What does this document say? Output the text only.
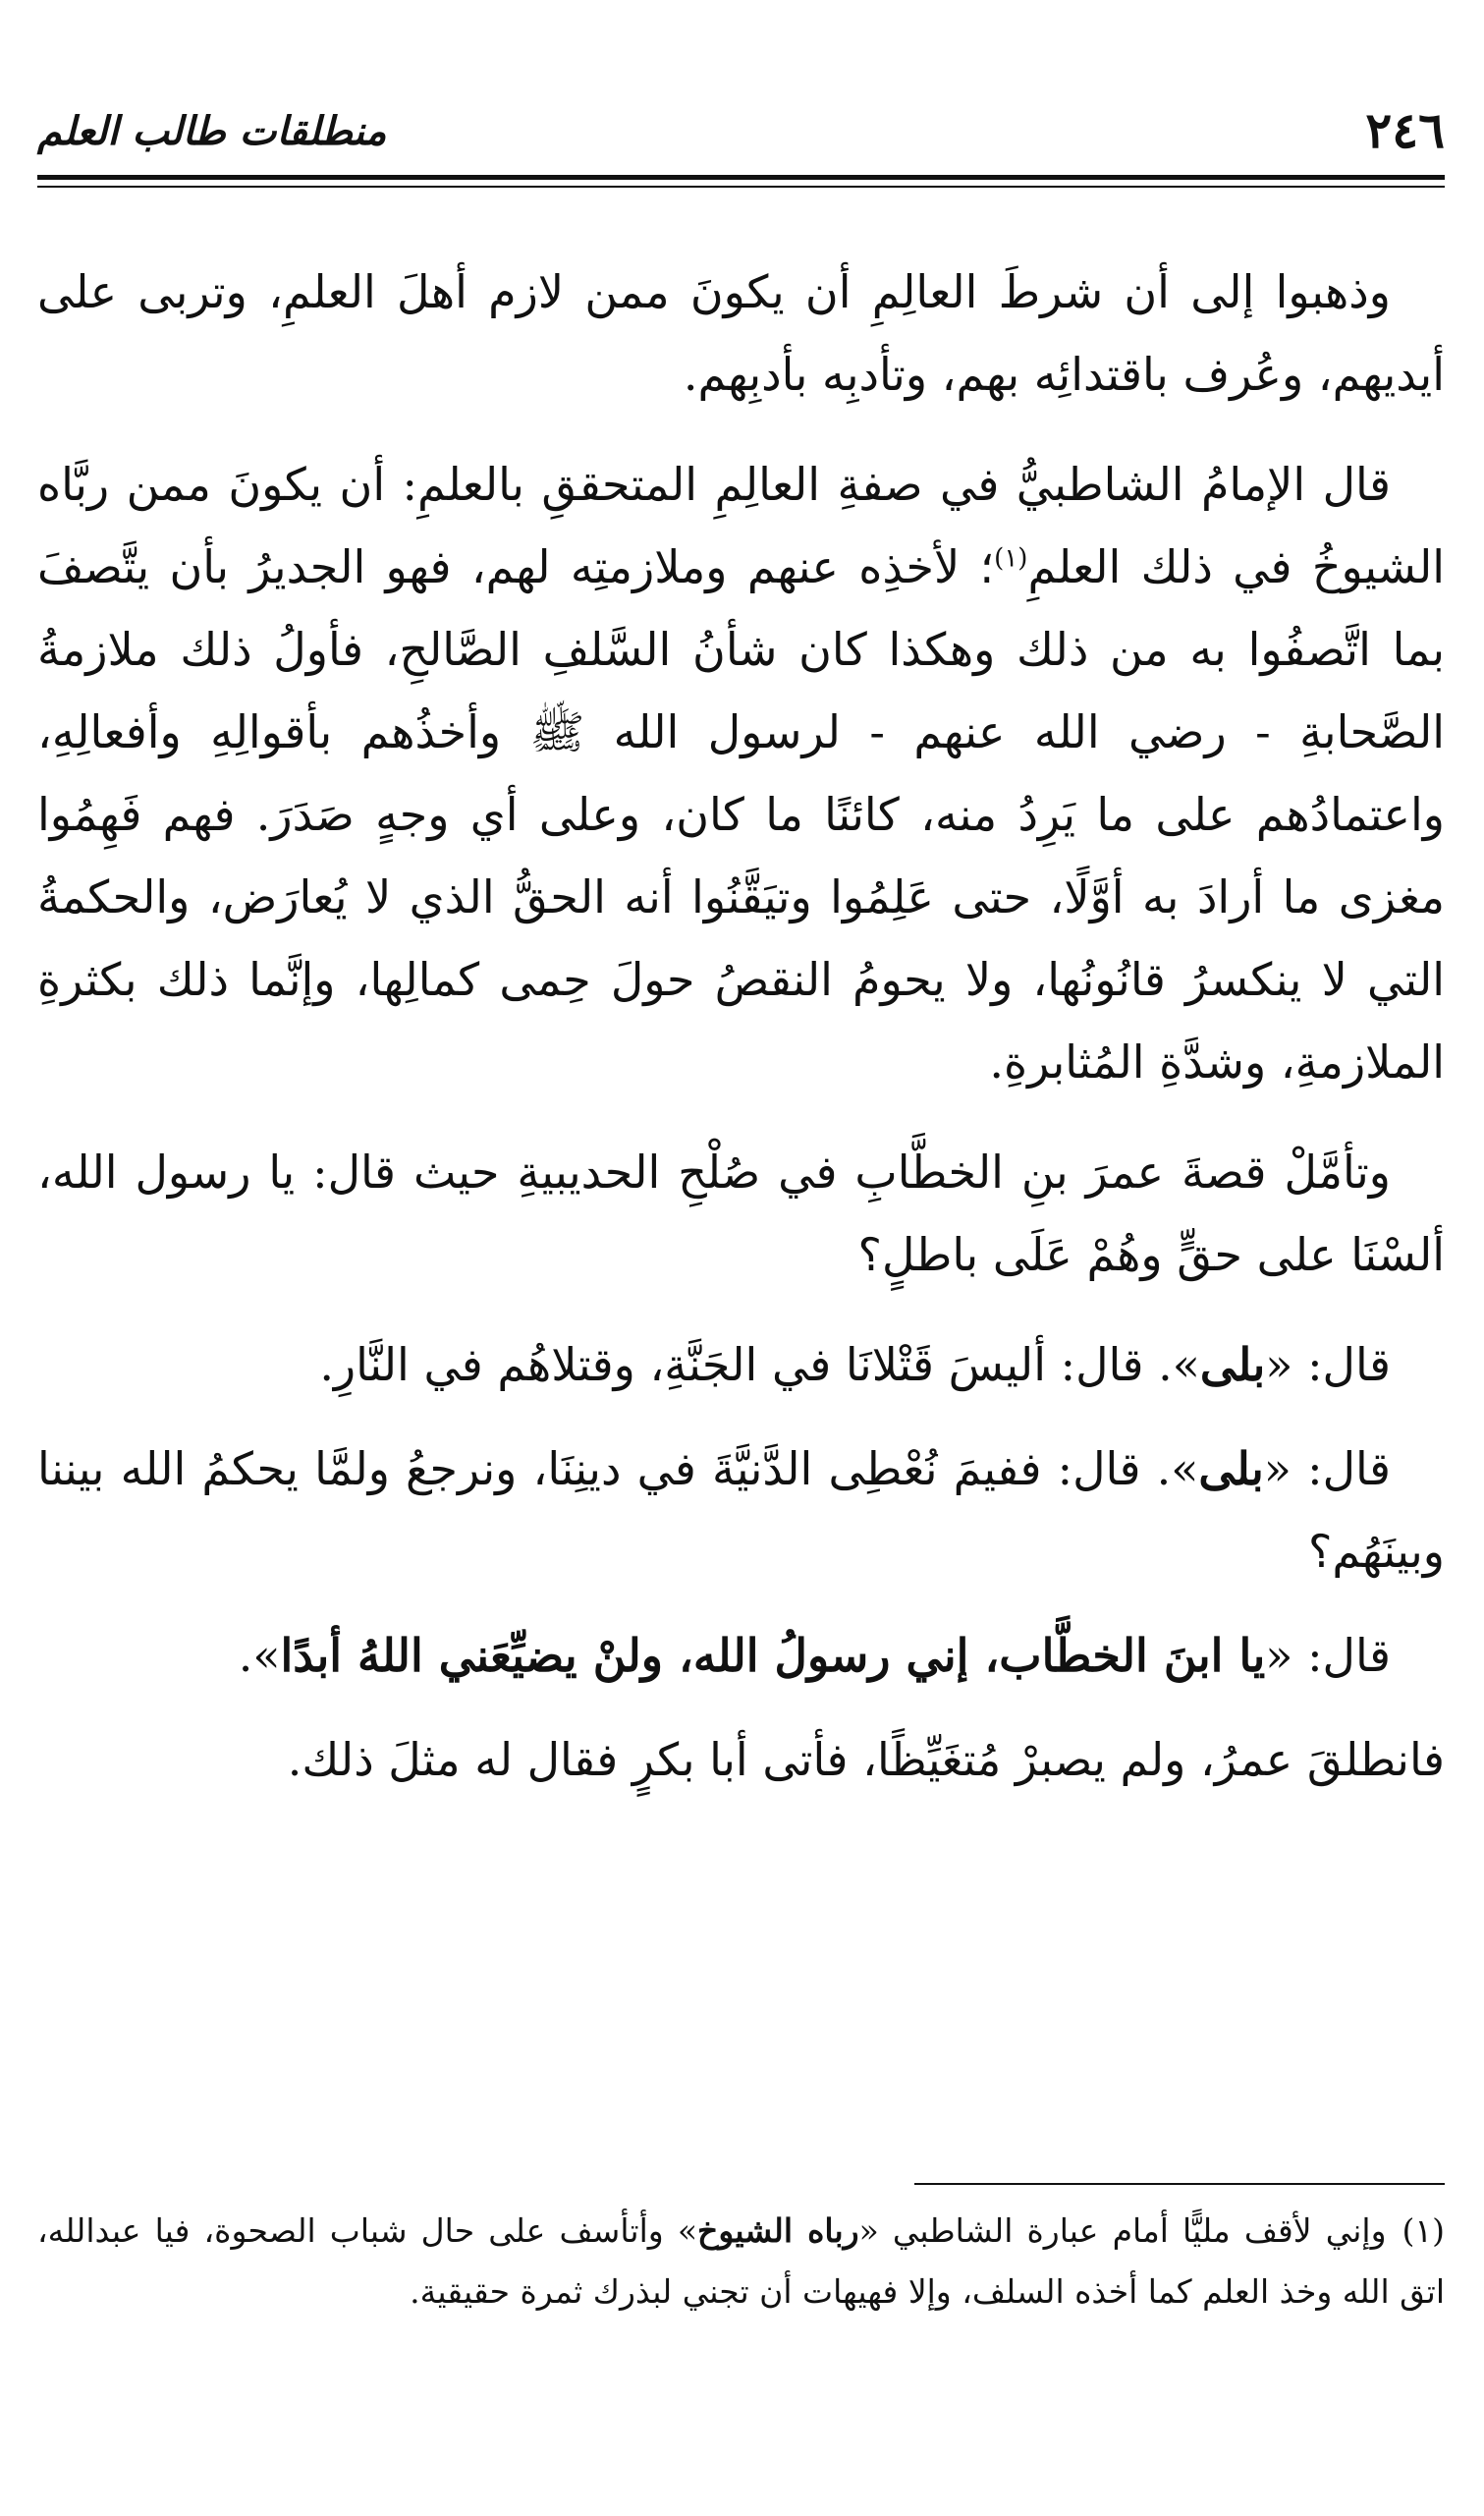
٢٤٦
منطلقات طالب العلم

وذهبوا إلى أن شرطَ العالِمِ أن يكونَ ممن لازم أهلَ العلمِ، وتربى على أيديهم، وعُرف باقتدائِه بهم، وتأدبِه بأدبِهم.

قال الإمامُ الشاطبيُّ في صفةِ العالِمِ المتحققِ بالعلمِ: أن يكونَ ممن ربَّاه الشيوخُ في ذلك العلمِ$^{(١)}$؛ لأخذِه عنهم وملازمتِه لهم، فهو الجديرُ بأن يتَّصفَ بما اتَّصفُوا به من ذلك وهكذا كان شأنُ السَّلفِ الصَّالحِ، فأولُ ذلك ملازمةُ الصَّحابةِ - رضي الله عنهم - لرسول الله ﷺ وأخذُهم بأقوالِهِ وأفعالِهِ، واعتمادُهم على ما يَرِدُ منه، كائنًا ما كان، وعلى أي وجهٍ صَدَرَ. فهم فَهِمُوا مغزى ما أرادَ به أوَّلًا، حتى عَلِمُوا وتيَقَّنُوا أنه الحقُّ الذي لا يُعارَض، والحكمةُ التي لا ينكسرُ قانُونُها، ولا يحومُ النقصُ حولَ حِمى كمالِها، وإنَّما ذلك بكثرةِ الملازمةِ، وشدَّةِ المُثابرةِ.

وتأمَّلْ قصةَ عمرَ بنِ الخطَّابِ في صُلْحِ الحديبيةِ حيث قال: يا رسول الله، ألسْنَا على حقٍّ وهُمْ عَلَى باطلٍ؟

قال: «بلى». قال: أليسَ قَتْلانَا في الجَنَّةِ، وقتلاهُم في النَّارِ.

قال: «بلى». قال: ففيمَ نُعْطِى الدَّنيَّةَ في دينِنَا، ونرجعُ ولمَّا يحكمُ الله بيننا وبينَهُم؟

قال: «يا ابنَ الخطَّاب، إني رسولُ الله، ولنْ يضيِّعَني اللهُ أبدًا».

فانطلقَ عمرُ، ولم يصبرْ مُتغَيِّظًا، فأتى أبا بكرٍ فقال له مثلَ ذلك.

(١)وإني لأقف مليًّا أمام عبارة الشاطبي «رباه الشيوخ» وأتأسف على حال شباب الصحوة، فيا عبدالله، اتق الله وخذ العلم كما أخذه السلف، وإلا فهيهات أن تجني لبذرك ثمرة حقيقية.
